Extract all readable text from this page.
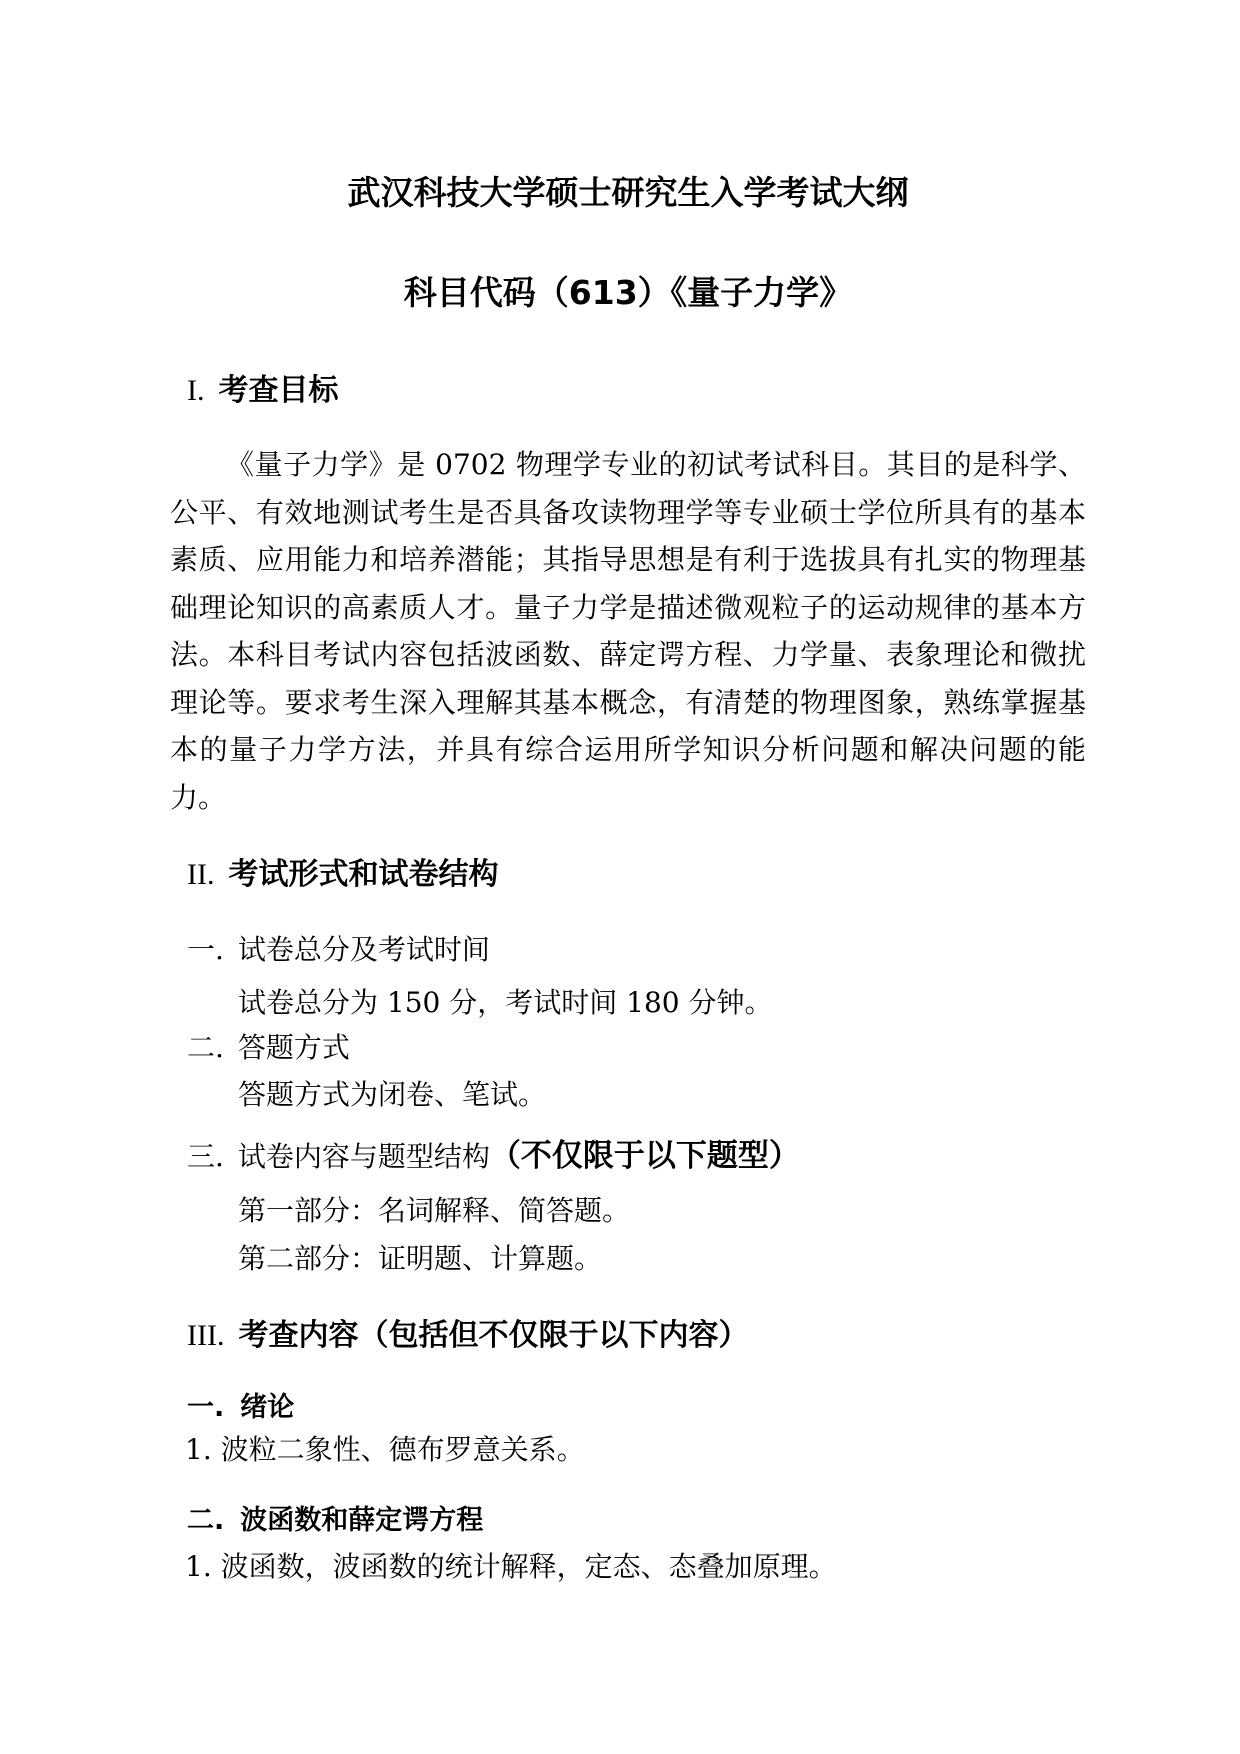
武汉科技大学硕士研究生入学考试大纲
科目代码（613）《量子力学》
I. 考查目标

《量子力学》是 0702 物理学专业的初试考试科目。其目的是科学、公平、有效地测试考生是否具备攻读物理学等专业硕士学位所具有的基本素质、应用能力和培养潜能；其指导思想是有利于选拔具有扎实的物理基础理论知识的高素质人才。量子力学是描述微观粒子的运动规律的基本方法。本科目考试内容包括波函数、薛定谔方程、力学量、表象理论和微扰理论等。要求考生深入理解其基本概念，有清楚的物理图象，熟练掌握基本的量子力学方法，并具有综合运用所学知识分析问题和解决问题的能力。

II. 考试形式和试卷结构
一. 试卷总分及考试时间
试卷总分为 150 分，考试时间 180 分钟。
二. 答题方式
答题方式为闭卷、笔试。
三. 试卷内容与题型结构（不仅限于以下题型）
第一部分：名词解释、简答题。
第二部分：证明题、计算题。
III. 考查内容（包括但不仅限于以下内容）
一. 绪论
1. 波粒二象性、德布罗意关系。
二. 波函数和薛定谔方程
1. 波函数，波函数的统计解释，定态、态叠加原理。
